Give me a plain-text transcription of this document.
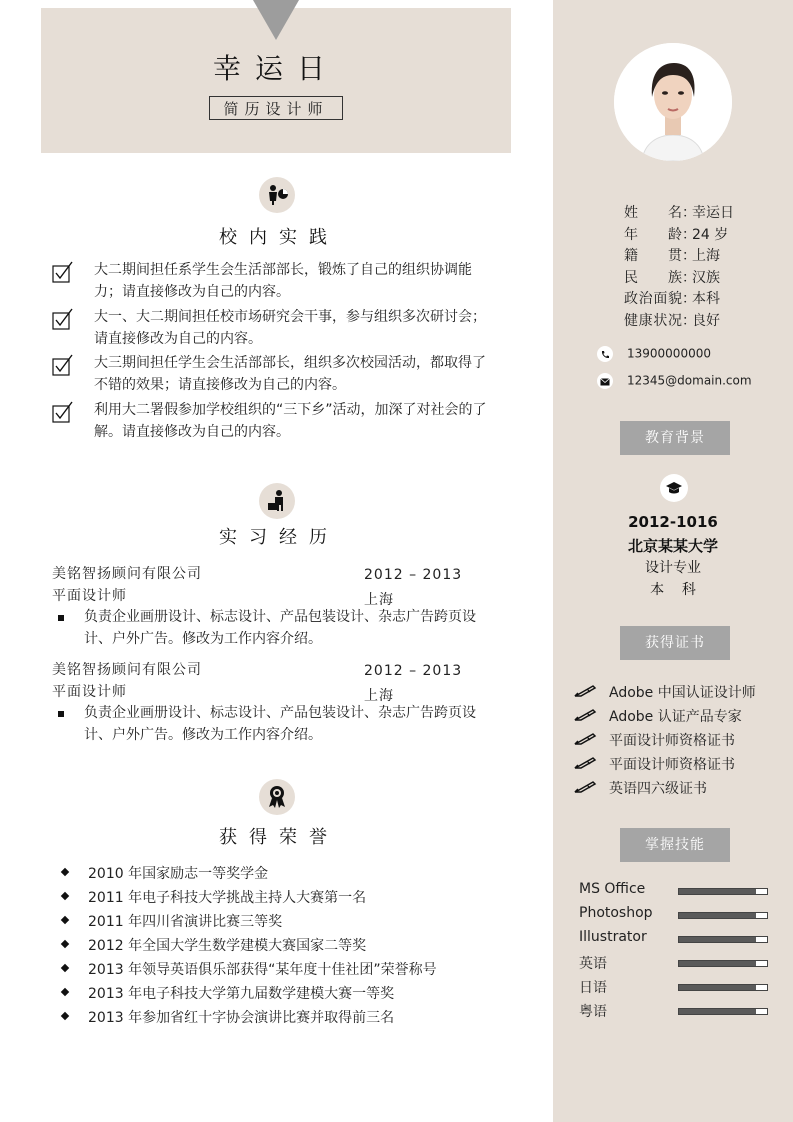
幸运日
简历设计师
姓名：幸运日
年龄：24 岁
籍贯：上海
民族：汉族
政治面貌：本科
健康状况：良好
13900000000
12345@domain.com
教育背景
2012-1016
北京某某大学
设计专业
本    科
获得证书
Adobe 中国认证设计师
Adobe 认证产品专家
平面设计师资格证书
平面设计师资格证书
英语四六级证书
掌握技能
MS Office
Photoshop
Illustrator
英语
日语
粤语
校内实践
大二期间担任系学生会生活部部长，锻炼了自己的组织协调能力；请直接修改为自己的内容。
大一、大二期间担任校市场研究会干事，参与组织多次研讨会；请直接修改为自己的内容。
大三期间担任学生会生活部部长，组织多次校园活动，都取得了不错的效果；请直接修改为自己的内容。
利用大二署假参加学校组织的“三下乡”活动，加深了对社会的了解。请直接修改为自己的内容。
实习经历
美铭智扬顾问有限公司
平面设计师
2012 – 2013
上海
负责企业画册设计、标志设计、产品包装设计、杂志广告跨页设计、户外广告。修改为工作内容介绍。
美铭智扬顾问有限公司
平面设计师
2012 – 2013
上海
负责企业画册设计、标志设计、产品包装设计、杂志广告跨页设计、户外广告。修改为工作内容介绍。
获得荣誉
2010 年国家励志一等奖学金
2011 年电子科技大学挑战主持人大赛第一名
2011 年四川省演讲比赛三等奖
2012 年全国大学生数学建模大赛国家二等奖
2013 年领导英语俱乐部获得“某年度十佳社团”荣誉称号
2013 年电子科技大学第九届数学建模大赛一等奖
2013 年参加省红十字协会演讲比赛并取得前三名
